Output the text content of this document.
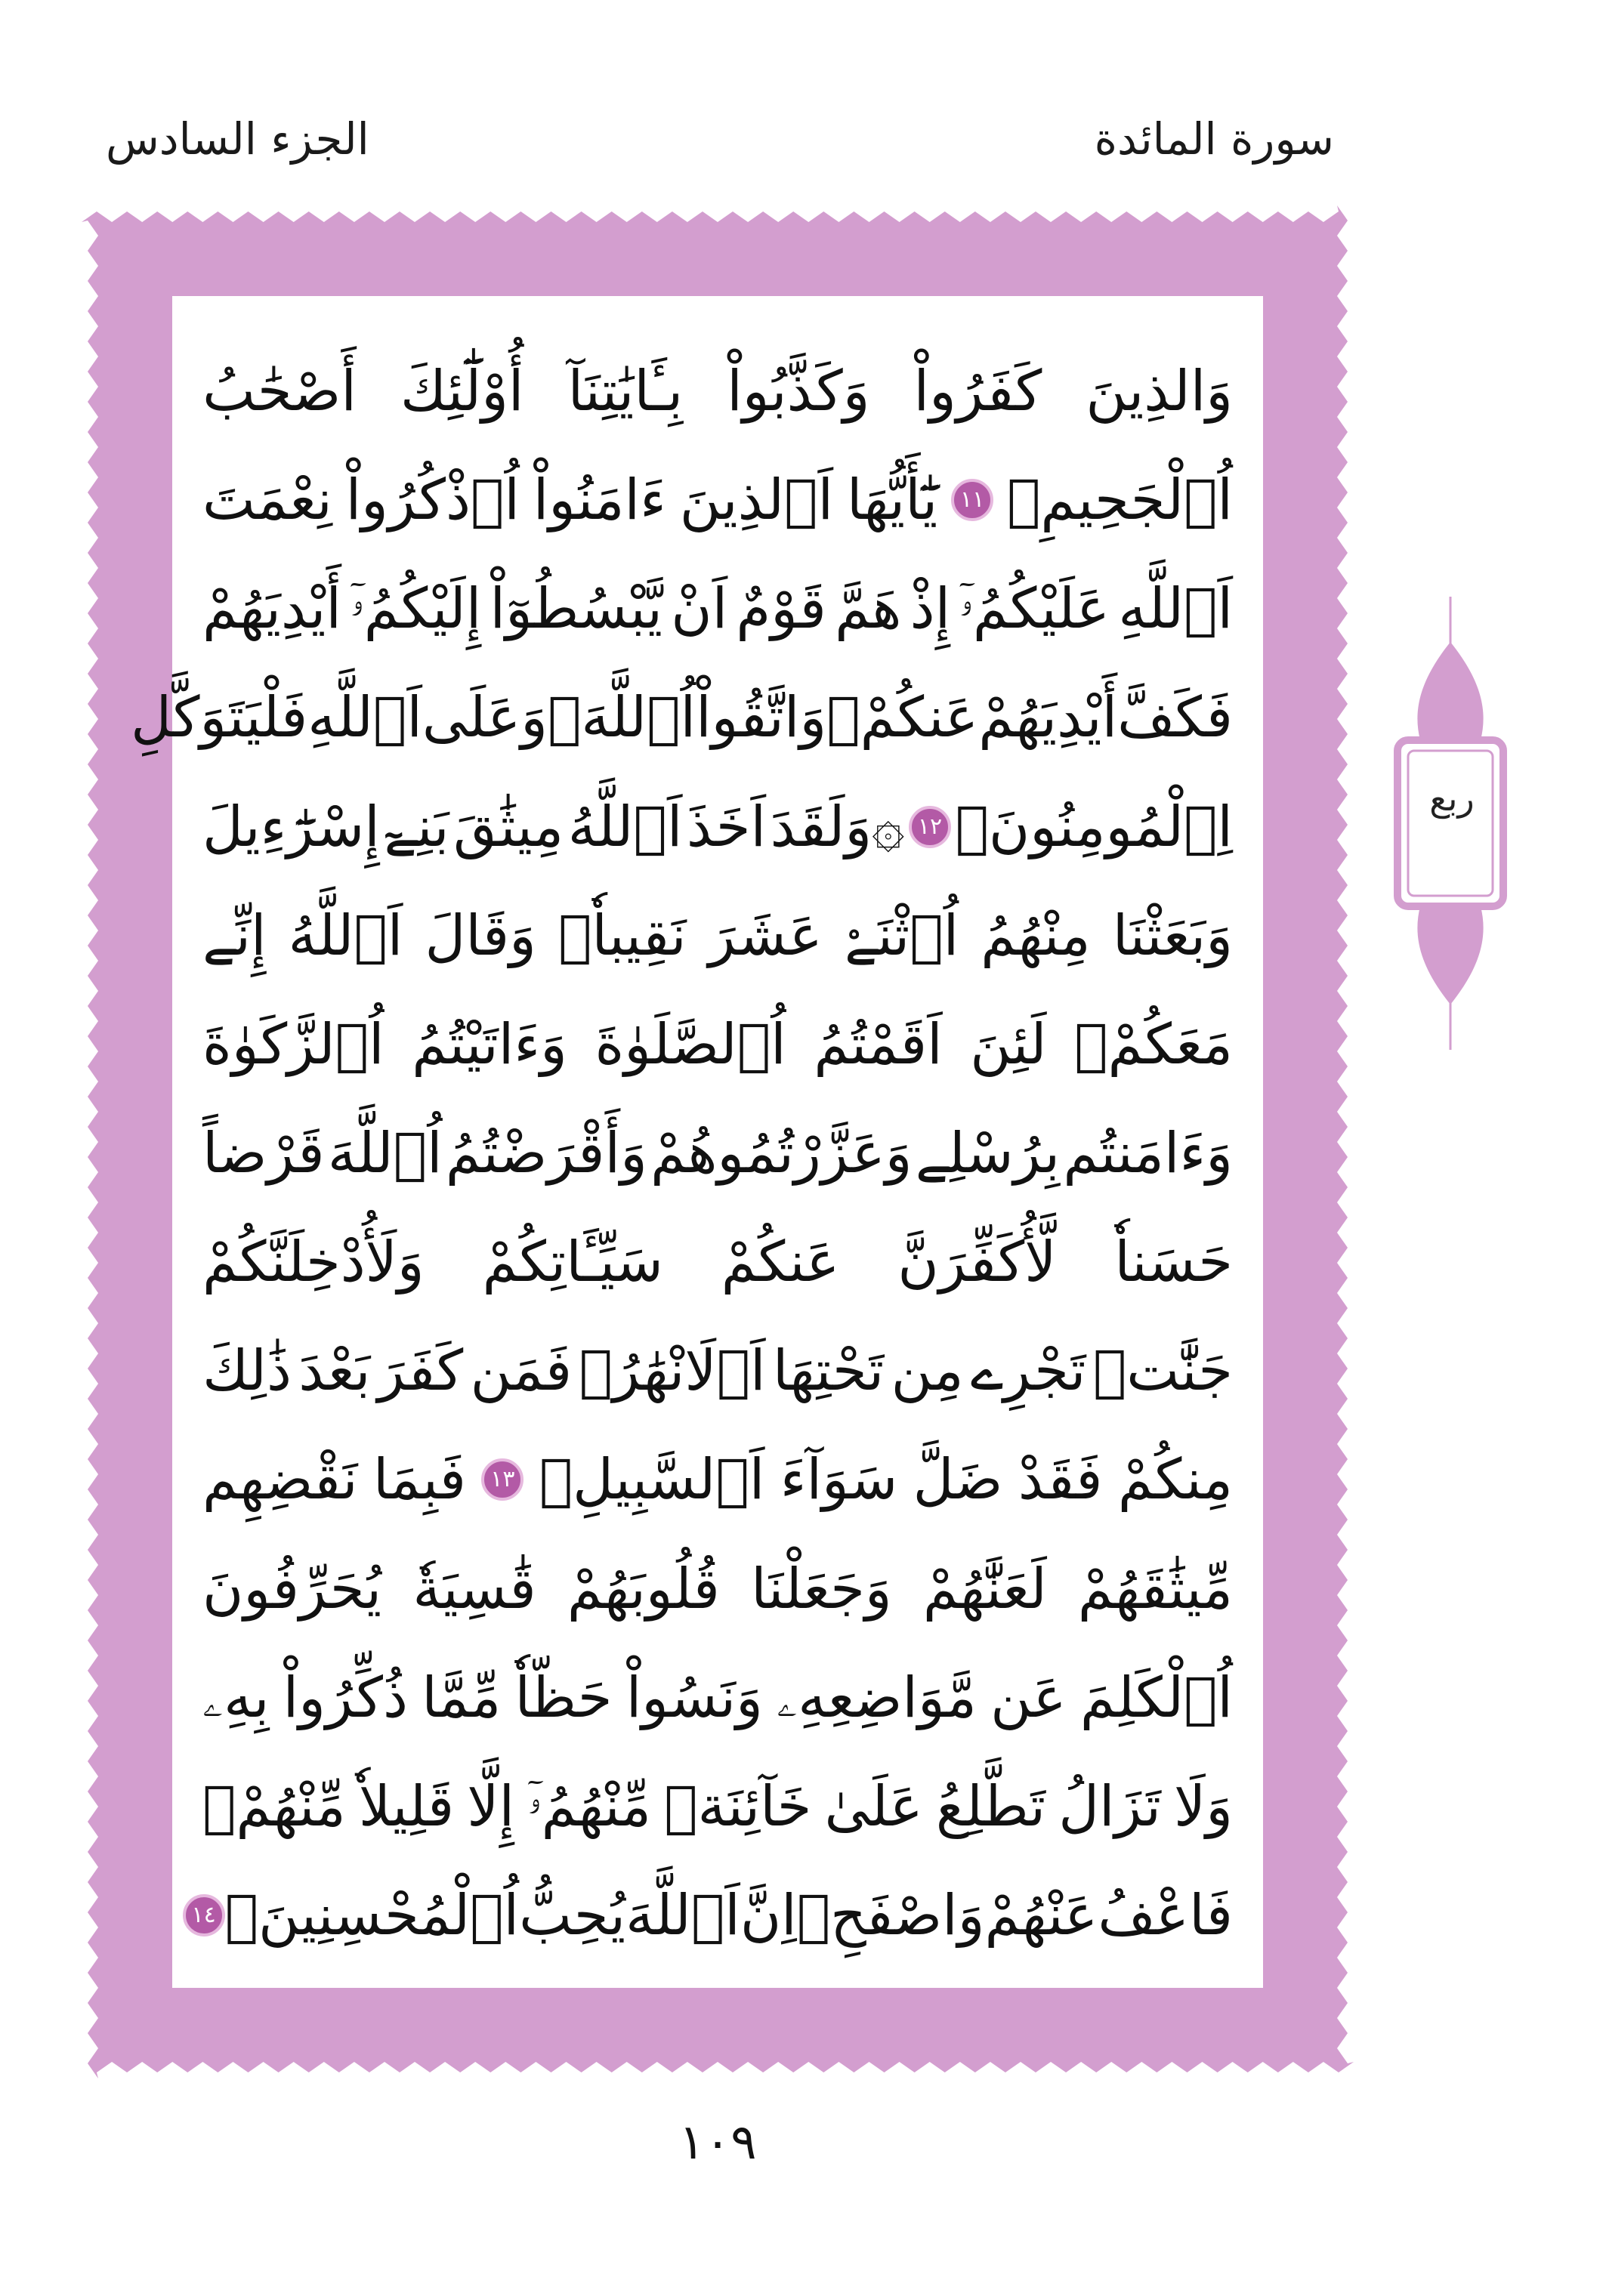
الجزء السادس	سورة المائدة
وَالذِينَ
كَفَرُواْ
وَكَذَّبُواْ
بِـَٔايَٰتِنَآ
أُوْلَٰٓئِكَ
أَصْحَٰبُ
اُ۬لْجَحِيمِۖ
١١
يَٰٓأَيُّهَا
اَ۬لذِينَ
ءَامَنُواْ
اُ۟ذْكُرُواْ
نِعْمَتَ
اَ۬للَّهِ
عَلَيْكُمُۥٓ
إِذْ
هَمَّ
قَوْمٌ
اَنْ
يَّبْسُطُوٓاْ
إِلَيْكُمُۥٓ
أَيْدِيَهُمْ
فَكَفَّ
أَيْدِيَهُمْ
عَنكُمْۖ
وَاتَّقُواْ
اُ۬للَّهَۖ
وَعَلَى
اَ۬للَّهِ
فَلْيَتَوَكَّلِ
اِ۬لْمُومِنُونَۖ
١٢
۞وَلَقَدَ
اَخَذَ
اَ۬للَّهُ
مِيثَٰقَ
بَنِےٓ
إِسْرَٰٓءِيلَ
وَبَعَثْنَا
مِنْهُمُ
اُ۪ثْنَےْ
عَشَرَ
نَقِيباٗۖ
وَقَالَ
اَ۬للَّهُ
إِنِّے
مَعَكُمْۖ
لَئِنَ
اَقَمْتُمُ
اُ۬لصَّلَوٰةَ
وَءَاتَيْتُمُ
اُ۬لزَّكَوٰةَ
وَءَامَنتُم
بِرُسْلِے
وَعَزَّرْتُمُوهُمْ
وَأَقْرَضْتُمُ
اُ۬للَّهَ
قَرْضاً
حَسَناٗ
لَّأُكَفِّرَنَّ
عَنكُمْ
سَيِّـَٔاتِكُمْ
وَلَأُدْخِلَنَّكُمْ
جَنَّٰتٖ
تَجْرِے
مِن
تَحْتِهَا
اَ۬لَانْهَٰرُۖ
فَمَن
كَفَرَ
بَعْدَ
ذَٰلِكَ
مِنكُمْ
فَقَدْ
ضَلَّ
سَوَآءَ
اَ۬لسَّبِيلِۖ
١٣
فَبِمَا
نَقْضِهِم
مِّيثَٰقَهُمْ
لَعَنَّٰهُمْ
وَجَعَلْنَا
قُلُوبَهُمْ
قَٰسِيَةٗ
يُحَرِّفُونَ
اُ۬لْكَلِمَ
عَن
مَّوَاضِعِهِۦ
وَنَسُواْ
حَظّاٗ
مِّمَّا
ذُكِّرُواْ
بِهِۦ
وَلَا
تَزَالُ
تَطَّلِعُ
عَلَىٰ
خَآئِنَةٖ
مِّنْهُمُۥٓ
إِلَّا
قَلِيلاٗ
مِّنْهُمْۖ
فَاعْفُ
عَنْهُمْ
وَاصْفَحِۖ
اِنَّ
اَ۬للَّهَ
يُحِبُّ
اُ۬لْمُحْسِنِينَۖ
١٤
ربع
١٠٩
